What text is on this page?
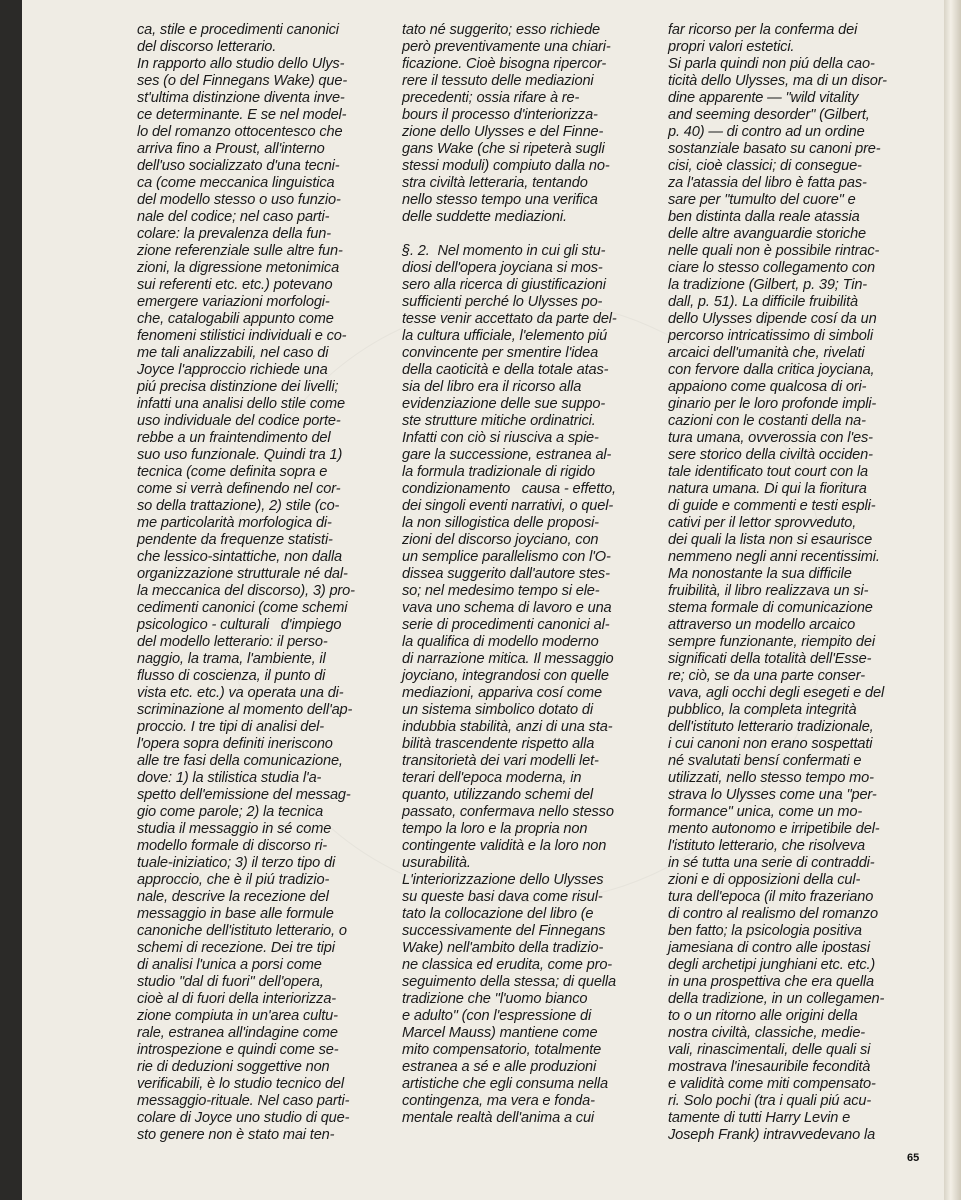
ca, stile e procedimenti canonici
del discorso letterario.
In rapporto allo studio dello Ulys-
ses (o del Finnegans Wake) que-
st'ultima distinzione diventa inve-
ce determinante. E se nel model-
lo del romanzo ottocentesco che
arriva fino a Proust, all'interno
dell'uso socializzato d'una tecni-
ca (come meccanica linguistica
del modello stesso o uso funzio-
nale del codice; nel caso parti-
colare: la prevalenza della fun-
zione referenziale sulle altre fun-
zioni, la digressione metonimica
sui referenti etc. etc.) potevano
emergere variazioni morfologi-
che, catalogabili appunto come
fenomeni stilistici individuali e co-
me tali analizzabili, nel caso di
Joyce l'approccio richiede una
piú precisa distinzione dei livelli;
infatti una analisi dello stile come
uso individuale del codice porte-
rebbe a un fraintendimento del
suo uso funzionale. Quindi tra 1)
tecnica (come definita sopra e
come si verrà definendo nel cor-
so della trattazione), 2) stile (co-
me particolarità morfologica di-
pendente da frequenze statisti-
che lessico-sintattiche, non dalla
organizzazione strutturale né dal-
la meccanica del discorso), 3) pro-
cedimenti canonici (come schemi
psicologico - culturali   d'impiego
del modello letterario: il perso-
naggio, la trama, l'ambiente, il
flusso di coscienza, il punto di
vista etc. etc.) va operata una di-
scriminazione al momento dell'ap-
proccio. I tre tipi di analisi del-
l'opera sopra definiti ineriscono
alle tre fasi della comunicazione,
dove: 1) la stilistica studia l'a-
spetto dell'emissione del messag-
gio come parole; 2) la tecnica
studia il messaggio in sé come
modello formale di discorso ri-
tuale-iniziatico; 3) il terzo tipo di
approccio, che è il piú tradizio-
nale, descrive la recezione del
messaggio in base alle formule
canoniche dell'istituto letterario, o
schemi di recezione. Dei tre tipi
di analisi l'unica a porsi come
studio "dal di fuori" dell'opera,
cioè al di fuori della interiorizza-
zione compiuta in un'area cultu-
rale, estranea all'indagine come
introspezione e quindi come se-
rie di deduzioni soggettive non
verificabili, è lo studio tecnico del
messaggio-rituale. Nel caso parti-
colare di Joyce uno studio di que-
sto genere non è stato mai ten-
tato né suggerito; esso richiede
però preventivamente una chiari-
ficazione. Cioè bisogna ripercor-
rere il tessuto delle mediazioni
precedenti; ossia rifare à re-
bours il processo d'interiorizza-
zione dello Ulysses e del Finne-
gans Wake (che si ripeterà sugli
stessi moduli) compiuto dalla no-
stra civiltà letteraria, tentando
nello stesso tempo una verifica
delle suddette mediazioni.

§. 2.  Nel momento in cui gli stu-
diosi dell'opera joyciana si mos-
sero alla ricerca di giustificazioni
sufficienti perché lo Ulysses po-
tesse venir accettato da parte del-
la cultura ufficiale, l'elemento piú
convincente per smentire l'idea
della caoticità e della totale atas-
sia del libro era il ricorso alla
evidenziazione delle sue suppo-
ste strutture mitiche ordinatrici.
Infatti con ciò si riusciva a spie-
gare la successione, estranea al-
la formula tradizionale di rigido
condizionamento   causa - effetto,
dei singoli eventi narrativi, o quel-
la non sillogistica delle proposi-
zioni del discorso joyciano, con
un semplice parallelismo con l'O-
dissea suggerito dall'autore stes-
so; nel medesimo tempo si ele-
vava uno schema di lavoro e una
serie di procedimenti canonici al-
la qualifica di modello moderno
di narrazione mitica. Il messaggio
joyciano, integrandosi con quelle
mediazioni, appariva cosí come
un sistema simbolico dotato di
indubbia stabilità, anzi di una sta-
bilità trascendente rispetto alla
transitorietà dei vari modelli let-
terari dell'epoca moderna, in
quanto, utilizzando schemi del
passato, confermava nello stesso
tempo la loro e la propria non
contingente validità e la loro non
usurabilità.
L'interiorizzazione dello Ulysses
su queste basi dava come risul-
tato la collocazione del libro (e
successivamente del Finnegans
Wake) nell'ambito della tradizio-
ne classica ed erudita, come pro-
seguimento della stessa; di quella
tradizione che "l'uomo bianco
e adulto" (con l'espressione di
Marcel Mauss) mantiene come
mito compensatorio, totalmente
estranea a sé e alle produzioni
artistiche che egli consuma nella
contingenza, ma vera e fonda-
mentale realtà dell'anima a cui
far ricorso per la conferma dei
propri valori estetici.
Si parla quindi non piú della cao-
ticità dello Ulysses, ma di un disor-
dine apparente — "wild vitality
and seeming desorder" (Gilbert,
p. 40) — di contro ad un ordine
sostanziale basato su canoni pre-
cisi, cioè classici; di consegue-
za l'atassia del libro è fatta pas-
sare per "tumulto del cuore" e
ben distinta dalla reale atassia
delle altre avanguardie storiche
nelle quali non è possibile rintrac-
ciare lo stesso collegamento con
la tradizione (Gilbert, p. 39; Tin-
dall, p. 51). La difficile fruibilità
dello Ulysses dipende cosí da un
percorso intricatissimo di simboli
arcaici dell'umanità che, rivelati
con fervore dalla critica joyciana,
appaiono come qualcosa di ori-
ginario per le loro profonde impli-
cazioni con le costanti della na-
tura umana, ovverossia con l'es-
sere storico della civiltà occiden-
tale identificato tout court con la
natura umana. Di qui la fioritura
di guide e commenti e testi espli-
cativi per il lettor sprovveduto,
dei quali la lista non si esaurisce
nemmeno negli anni recentissimi.
Ma nonostante la sua difficile
fruibilità, il libro realizzava un si-
stema formale di comunicazione
attraverso un modello arcaico
sempre funzionante, riempito dei
significati della totalità dell'Esse-
re; ciò, se da una parte conser-
vava, agli occhi degli esegeti e del
pubblico, la completa integrità
dell'istituto letterario tradizionale,
i cui canoni non erano sospettati
né svalutati bensí confermati e
utilizzati, nello stesso tempo mo-
strava lo Ulysses come una "per-
formance" unica, come un mo-
mento autonomo e irripetibile del-
l'istituto letterario, che risolveva
in sé tutta una serie di contraddi-
zioni e di opposizioni della cul-
tura dell'epoca (il mito frazeriano
di contro al realismo del romanzo
ben fatto; la psicologia positiva
jamesiana di contro alle ipostasi
degli archetipi junghiani etc. etc.)
in una prospettiva che era quella
della tradizione, in un collegamen-
to o un ritorno alle origini della
nostra civiltà, classiche, medie-
vali, rinascimentali, delle quali si
mostrava l'inesauribile fecondità
e validità come miti compensato-
ri. Solo pochi (tra i quali piú acu-
tamente di tutti Harry Levin e
Joseph Frank) intravvedevano la
65
